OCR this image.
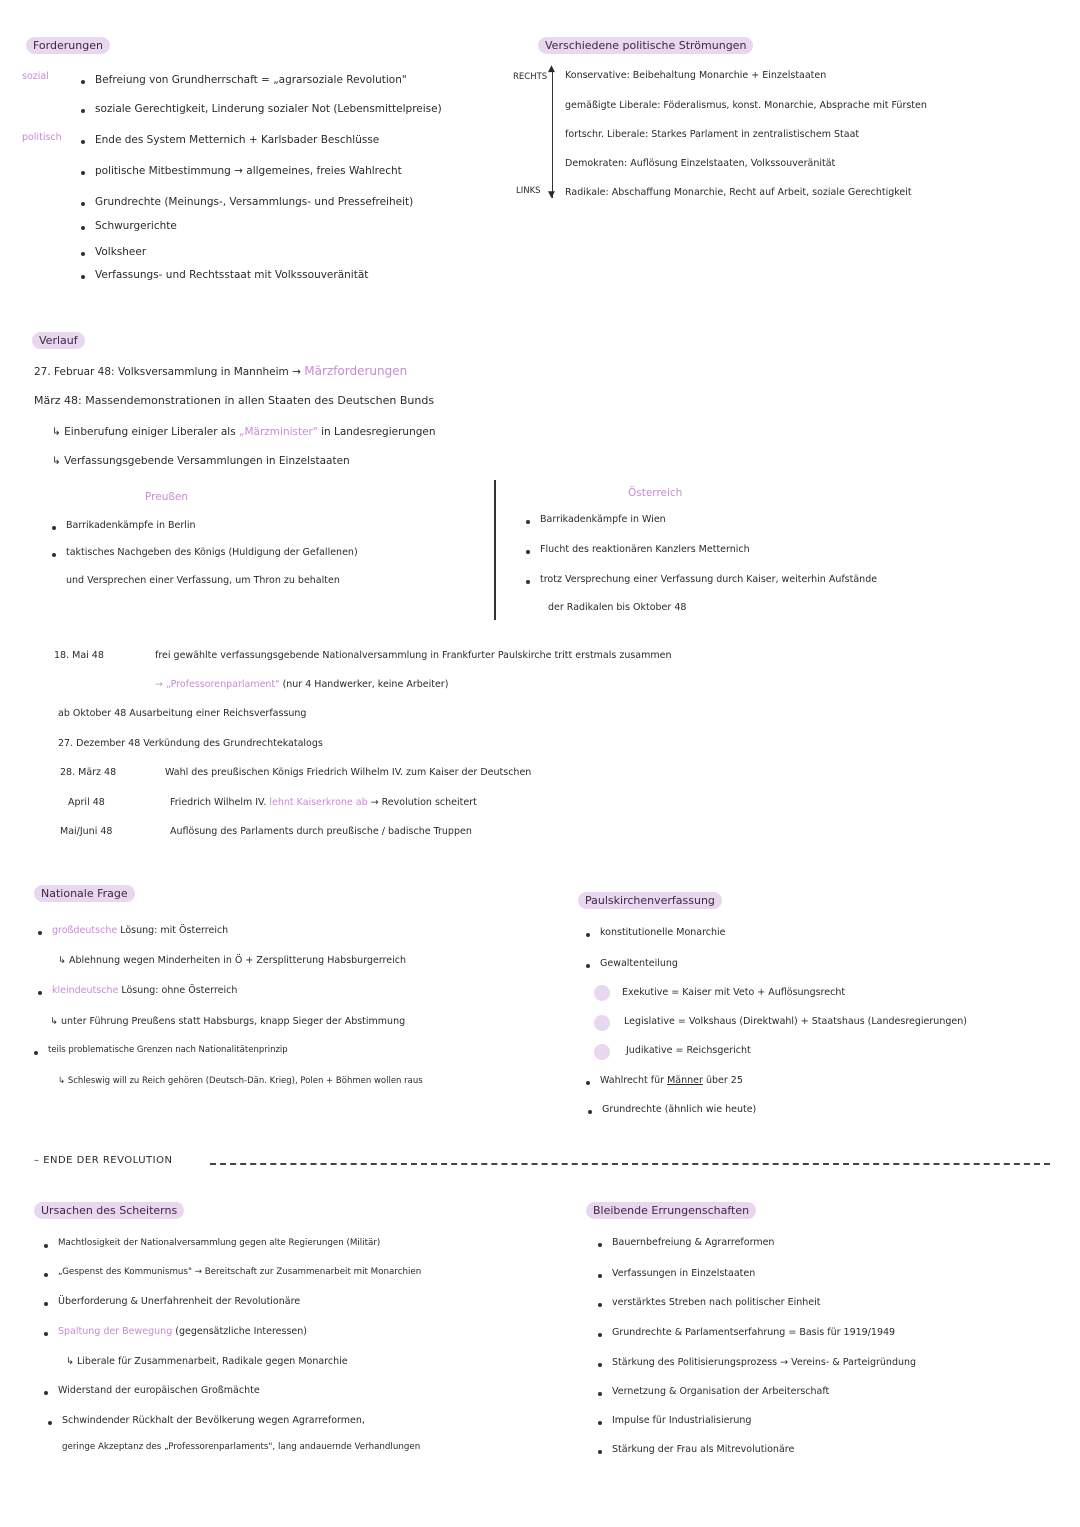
Forderungen
sozial
politisch
Befreiung von Grundherrschaft = „agrarsoziale Revolution"
soziale Gerechtigkeit, Linderung sozialer Not (Lebensmittelpreise)
Ende des System Metternich + Karlsbader Beschlüsse
politische Mitbestimmung → allgemeines, freies Wahlrecht
Grundrechte (Meinungs-, Versammlungs- und Pressefreiheit)
Schwurgerichte
Volksheer
Verfassungs- und Rechtsstaat mit Volkssouveränität
Verschiedene politische Strömungen
RECHTS
LINKS
▲
▼
Konservative: Beibehaltung Monarchie + Einzelstaaten
gemäßigte Liberale: Föderalismus, konst. Monarchie, Absprache mit Fürsten
fortschr. Liberale: Starkes Parlament in zentralistischem Staat
Demokraten: Auflösung Einzelstaaten, Volkssouveränität
Radikale: Abschaffung Monarchie, Recht auf Arbeit, soziale Gerechtigkeit
Verlauf
27. Februar 48: Volksversammlung in Mannheim → Märzforderungen
März 48: Massendemonstrationen in allen Staaten des Deutschen Bunds
↳ Einberufung einiger Liberaler als „Märzminister" in Landesregierungen
↳ Verfassungsgebende Versammlungen in Einzelstaaten
Preußen
Barrikadenkämpfe in Berlin
taktisches Nachgeben des Königs (Huldigung der Gefallenen)
und Versprechen einer Verfassung, um Thron zu behalten
Österreich
Barrikadenkämpfe in Wien
Flucht des reaktionären Kanzlers Metternich
trotz Versprechung einer Verfassung durch Kaiser, weiterhin Aufstände
der Radikalen bis Oktober 48
18. Mai 48	frei gewählte verfassungsgebende Nationalversammlung in Frankfurter Paulskirche tritt erstmals zusammen
→ „Professorenparlament" (nur 4 Handwerker, keine Arbeiter)
ab Oktober 48 Ausarbeitung einer Reichsverfassung
27. Dezember 48 Verkündung des Grundrechtekatalogs
28. März 48	Wahl des preußischen Königs Friedrich Wilhelm IV. zum Kaiser der Deutschen
April 48	Friedrich Wilhelm IV. lehnt Kaiserkrone ab → Revolution scheitert
Mai/Juni 48	Auflösung des Parlaments durch preußische / badische Truppen
Nationale Frage
großdeutsche Lösung: mit Österreich
↳ Ablehnung wegen Minderheiten in Ö + Zersplitterung Habsburgerreich
kleindeutsche Lösung: ohne Österreich
↳ unter Führung Preußens statt Habsburgs, knapp Sieger der Abstimmung
teils problematische Grenzen nach Nationalitätenprinzip
↳ Schleswig will zu Reich gehören (Deutsch-Dän. Krieg), Polen + Böhmen wollen raus
Paulskirchenverfassung
konstitutionelle Monarchie
Gewaltenteilung
Exekutive = Kaiser mit Veto + Auflösungsrecht
Legislative = Volkshaus (Direktwahl) + Staatshaus (Landesregierungen)
Judikative = Reichsgericht
Wahlrecht für Männer über 25
Grundrechte (ähnlich wie heute)
– ENDE DER REVOLUTION
Ursachen des Scheiterns
Machtlosigkeit der Nationalversammlung gegen alte Regierungen (Militär)
„Gespenst des Kommunismus" → Bereitschaft zur Zusammenarbeit mit Monarchien
Überforderung & Unerfahrenheit der Revolutionäre
Spaltung der Bewegung (gegensätzliche Interessen)
↳ Liberale für Zusammenarbeit, Radikale gegen Monarchie
Widerstand der europäischen Großmächte
Schwindender Rückhalt der Bevölkerung wegen Agrarreformen,
geringe Akzeptanz des „Professorenparlaments", lang andauernde Verhandlungen
Bleibende Errungenschaften
Bauernbefreiung & Agrarreformen
Verfassungen in Einzelstaaten
verstärktes Streben nach politischer Einheit
Grundrechte & Parlamentserfahrung = Basis für 1919/1949
Stärkung des Politisierungsprozess → Vereins- & Parteigründung
Vernetzung & Organisation der Arbeiterschaft
Impulse für Industrialisierung
Stärkung der Frau als Mitrevolutionäre
